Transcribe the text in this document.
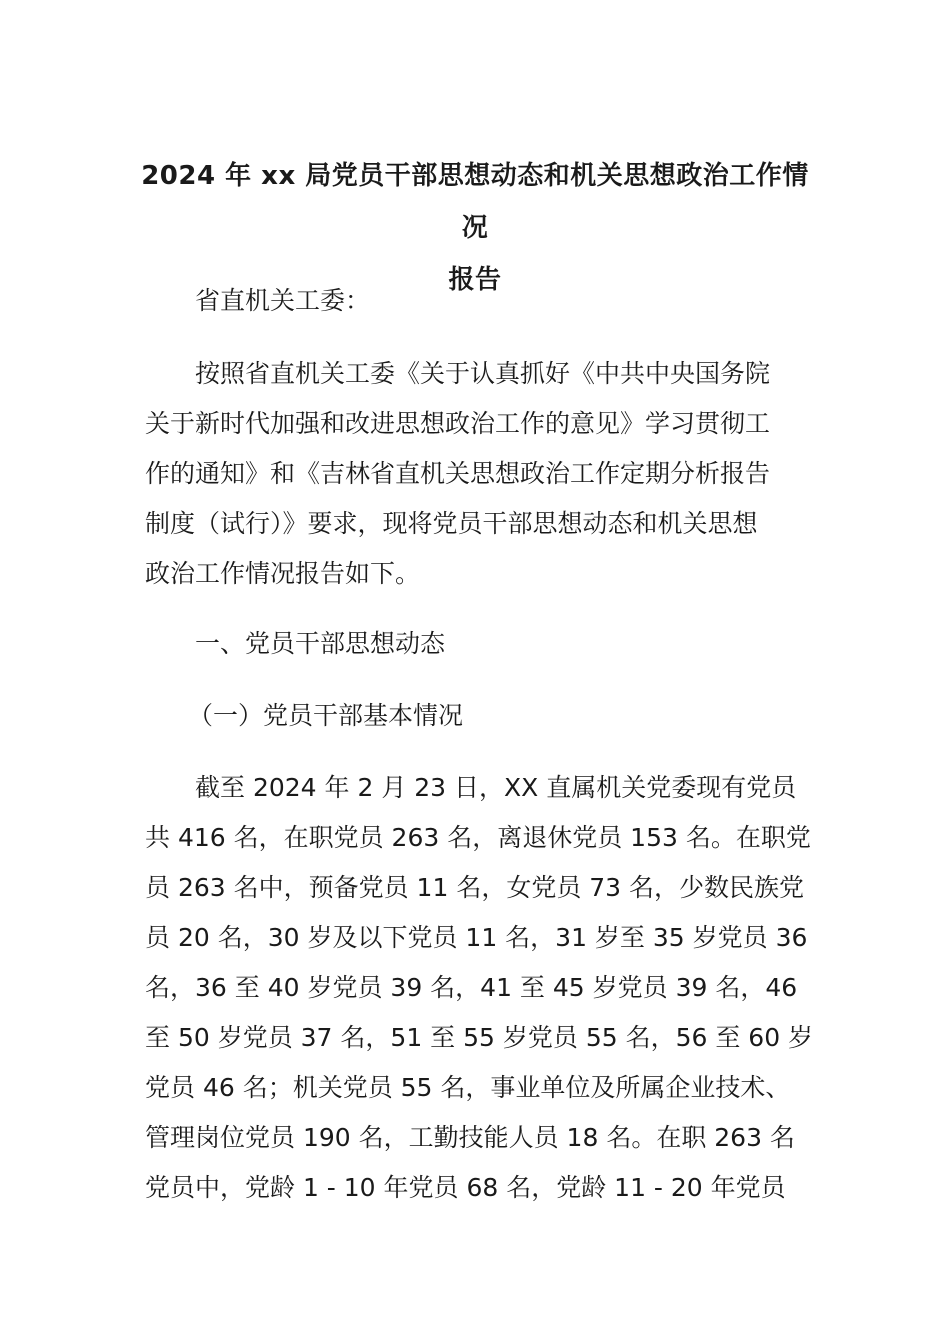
2024 年 xx 局党员干部思想动态和机关思想政治工作情况
报告
省直机关工委：
按照省直机关工委《关于认真抓好《中共中央国务院
关于新时代加强和改进思想政治工作的意见》学习贯彻工
作的通知》和《吉林省直机关思想政治工作定期分析报告
制度（试行）》要求，现将党员干部思想动态和机关思想
政治工作情况报告如下。
一、党员干部思想动态
（一）党员干部基本情况
截至 2024 年 2 月 23 日，XX 直属机关党委现有党员
共 416 名，在职党员 263 名，离退休党员 153 名。在职党
员 263 名中，预备党员 11 名，女党员 73 名，少数民族党
员 20 名，30 岁及以下党员 11 名，31 岁至 35 岁党员 36
名，36 至 40 岁党员 39 名，41 至 45 岁党员 39 名，46
至 50 岁党员 37 名，51 至 55 岁党员 55 名，56 至 60 岁
党员 46 名；机关党员 55 名，事业单位及所属企业技术、
管理岗位党员 190 名，工勤技能人员 18 名。在职 263 名
党员中，党龄 1 - 10 年党员 68 名，党龄 11 - 20 年党员
